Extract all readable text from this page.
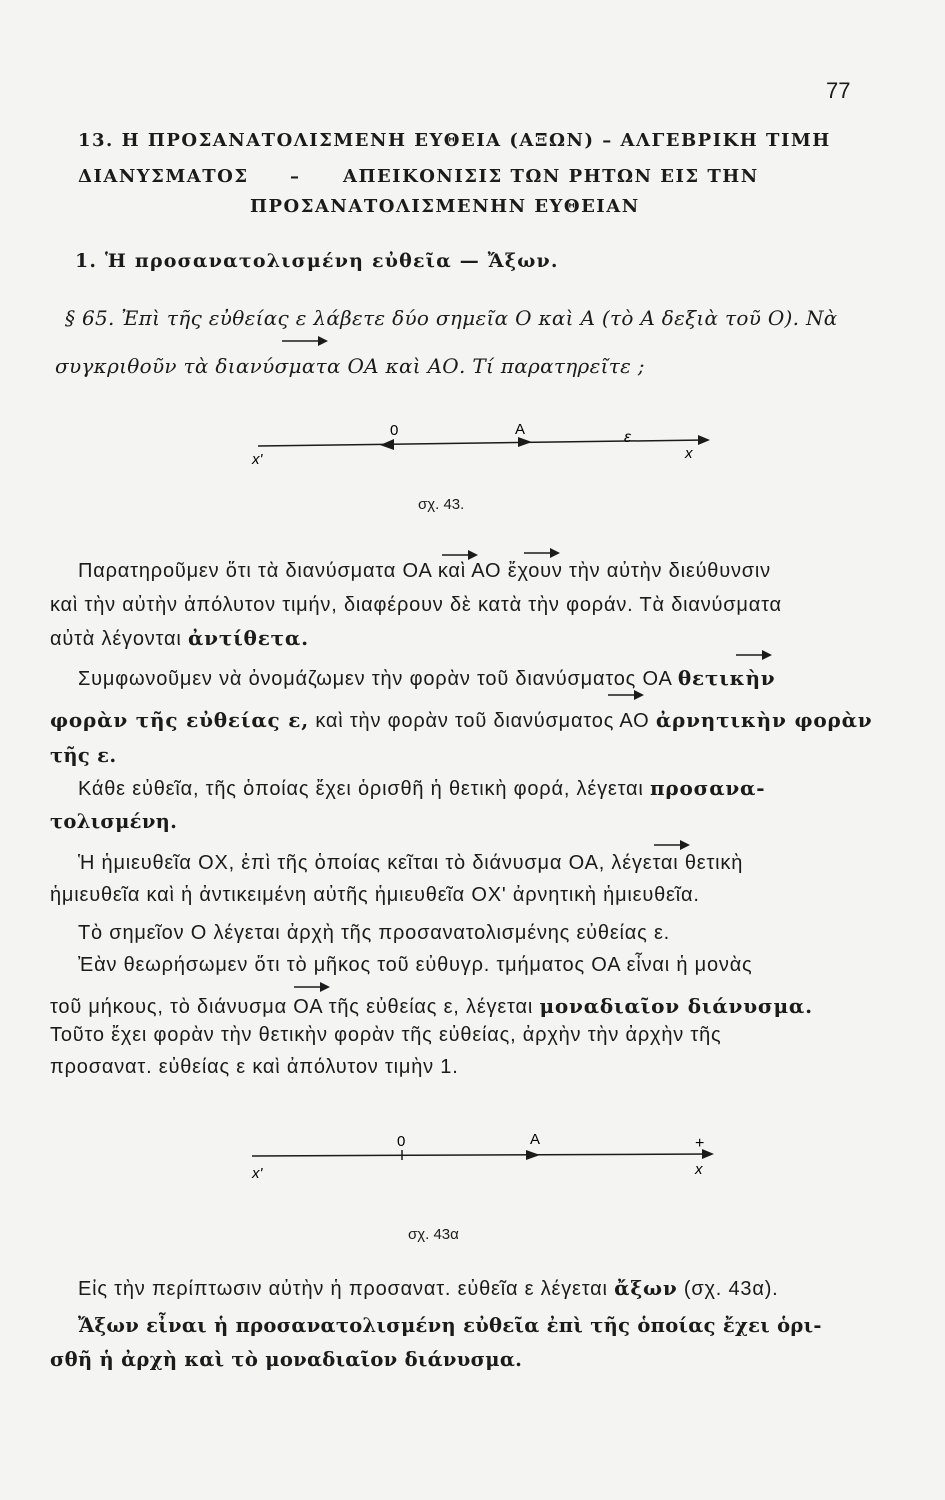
77
13. Η ΠΡΟΣΑΝΑΤΟΛΙΣΜΕΝΗ ΕΥΘΕΙΑ (ΑΞΩΝ) – ΑΛΓΕΒΡΙΚΗ ΤΙΜΗ
ΔΙΑΝΥΣΜΑΤΟΣ – ΑΠΕΙΚΟΝΙΣΙΣ ΤΩΝ ΡΗΤΩΝ ΕΙΣ ΤΗΝ
ΠΡΟΣΑΝΑΤΟΛΙΣΜΕΝΗΝ ΕΥΘΕΙΑΝ
1. Ἡ προσανατολισμένη εὐθεῖα — Ἄξων.
§ 65. Ἐπὶ τῆς εὐθείας ε λάβετε δύο σημεῖα Ο καὶ Α (τὸ Α δεξιὰ τοῦ Ο). Νὰ
συγκριθοῦν τὰ διανύσματα ΟΑ καὶ ΑΟ. Τί παρατηρεῖτε ;
0	A	ε
x'	x
σχ. 43.
Παρατηροῦμεν ὅτι τὰ διανύσματα ΟΑ καὶ ΑΟ ἔχουν τὴν αὐτὴν διεύθυνσιν
καὶ τὴν αὐτὴν ἀπόλυτον τιμήν, διαφέρουν δὲ κατὰ τὴν φοράν. Τὰ διανύσματα
αὐτὰ λέγονται ἀντίθετα.
Συμφωνοῦμεν νὰ ὀνομάζωμεν τὴν φορὰν τοῦ διανύσματος ΟΑ θετικὴν
φορὰν τῆς εὐθείας ε, καὶ τὴν φορὰν τοῦ διανύσματος ΑΟ ἀρνητικὴν φορὰν
τῆς ε.
Κάθε εὐθεῖα, τῆς ὁποίας ἔχει ὁρισθῆ ἡ θετικὴ φορά, λέγεται προσανα-
τολισμένη.
Ἡ ἡμιευθεῖα ΟΧ, ἐπὶ τῆς ὁποίας κεῖται τὸ διάνυσμα ΟΑ, λέγεται θετικὴ
ἡμιευθεῖα καὶ ἡ ἀντικειμένη αὐτῆς ἡμιευθεῖα ΟΧ' ἀρνητικὴ ἡμιευθεῖα.
Τὸ σημεῖον Ο λέγεται ἀρχὴ τῆς προσανατολισμένης εὐθείας ε.
Ἐὰν θεωρήσωμεν ὅτι τὸ μῆκος τοῦ εὐθυγρ. τμήματος ΟΑ εἶναι ἡ μονὰς
τοῦ μήκους, τὸ διάνυσμα ΟΑ τῆς εὐθείας ε, λέγεται μοναδιαῖον διάνυσμα.
Τοῦτο ἔχει φορὰν τὴν θετικὴν φορὰν τῆς εὐθείας, ἀρχὴν τὴν ἀρχὴν τῆς
προσανατ. εὐθείας ε καὶ ἀπόλυτον τιμὴν 1.
0	A	+
x'	x
σχ. 43α
Εἰς τὴν περίπτωσιν αὐτὴν ἡ προσανατ. εὐθεῖα ε λέγεται ἄξων (σχ. 43α).
Ἄξων εἶναι ἡ προσανατολισμένη εὐθεῖα ἐπὶ τῆς ὁποίας ἔχει ὁρι-
σθῆ ἡ ἀρχὴ καὶ τὸ μοναδιαῖον διάνυσμα.
